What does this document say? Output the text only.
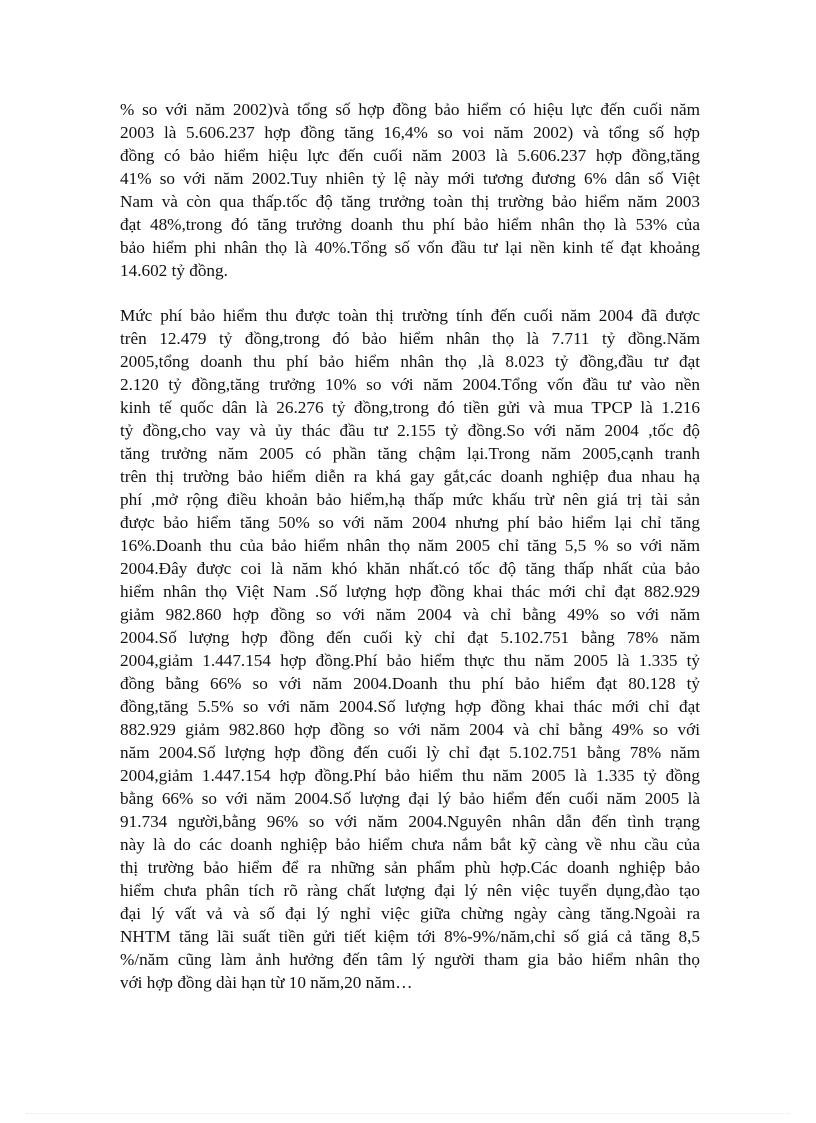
% so với năm 2002)và tổng số hợp đồng bảo hiểm có hiệu lực đến cuối năm
2003 là 5.606.237 hợp đồng tăng 16,4% so voi năm 2002) và tổng số hợp
đồng có bảo hiểm hiệu lực đến cuối năm 2003 là 5.606.237 hợp đồng,tăng
41% so với năm 2002.Tuy nhiên tỷ lệ này mới tương đương 6% dân số Việt
Nam và còn qua thấp.tốc độ tăng trưởng toàn thị trường bảo hiểm năm 2003
đạt 48%,trong đó tăng trưởng doanh thu phí bảo hiểm nhân thọ là 53% của
bảo hiểm phi nhân thọ là 40%.Tổng số vốn đầu tư lại nền kinh tế đạt khoảng
14.602 tỷ đồng.
Mức phí bảo hiểm thu được toàn thị trường tính đến cuối năm 2004 đã được
trên 12.479 tỷ đồng,trong đó bảo hiểm nhân thọ là 7.711 tỷ đồng.Năm
2005,tổng doanh thu phí bảo hiểm nhân thọ ,là 8.023 tỷ đồng,đầu tư đạt
2.120 tỷ đồng,tăng trưởng 10% so với năm 2004.Tổng vốn đầu tư vào nền
kinh tế quốc dân là 26.276 tỷ đồng,trong đó tiền gửi và mua TPCP là 1.216
tỷ đồng,cho vay và ủy thác đầu tư 2.155 tỷ đồng.So với năm 2004 ,tốc độ
tăng trưởng năm 2005 có phần tăng chậm lại.Trong năm 2005,cạnh tranh
trên thị trường bảo hiểm diễn ra khá gay gắt,các doanh nghiệp đua nhau hạ
phí ,mở rộng điều khoản bảo hiểm,hạ thấp mức khấu trừ nên giá trị tài sản
được bảo hiểm tăng 50% so với năm 2004 nhưng phí bảo hiểm lại chỉ tăng
16%.Doanh thu của bảo hiểm nhân thọ năm 2005 chỉ tăng 5,5 % so với năm
2004.Đây được coi là năm khó khăn nhất.có tốc độ tăng thấp nhất của bảo
hiểm nhân thọ Việt Nam .Số lượng hợp đồng khai thác mới chỉ đạt 882.929
giảm 982.860 hợp đồng so với năm 2004 và chỉ bằng 49% so với năm
2004.Số lượng hợp đồng đến cuối kỳ chỉ đạt 5.102.751 bằng 78% năm
2004,giảm 1.447.154 hợp đồng.Phí bảo hiểm thực thu năm 2005 là 1.335 tỷ
đồng bằng 66% so với năm 2004.Doanh thu phí bảo hiểm đạt 80.128 tỷ
đồng,tăng 5.5% so với năm 2004.Số lượng hợp đồng khai thác mới chỉ đạt
882.929 giảm 982.860 hợp đồng so với năm 2004 và chỉ bằng 49% so với
năm 2004.Số lượng hợp đồng đến cuối lỳ chỉ đạt 5.102.751 bằng 78% năm
2004,giảm 1.447.154 hợp đồng.Phí bảo hiểm thu năm 2005 là 1.335 tỷ đồng
bằng 66% so với năm 2004.Số lượng đại lý bảo hiểm đến cuối năm 2005 là
91.734 người,bằng 96% so với năm 2004.Nguyên nhân dẫn đến tình trạng
này là do các doanh nghiệp bảo hiểm chưa nắm bắt kỹ càng về nhu cầu của
thị trường bảo hiểm để ra những sản phẩm phù hợp.Các doanh nghiệp bảo
hiểm chưa phân tích rõ ràng chất lượng đại lý nên việc tuyển dụng,đào tạo
đại lý vất vả và số đại lý nghỉ việc giữa chừng ngày càng tăng.Ngoài ra
NHTM tăng lãi suất tiền gửi tiết kiệm tới 8%-9%/năm,chỉ số giá cả tăng 8,5
%/năm cũng làm ảnh hưởng đến tâm lý người tham gia bảo hiểm nhân thọ
với hợp đồng dài hạn từ 10 năm,20 năm…
